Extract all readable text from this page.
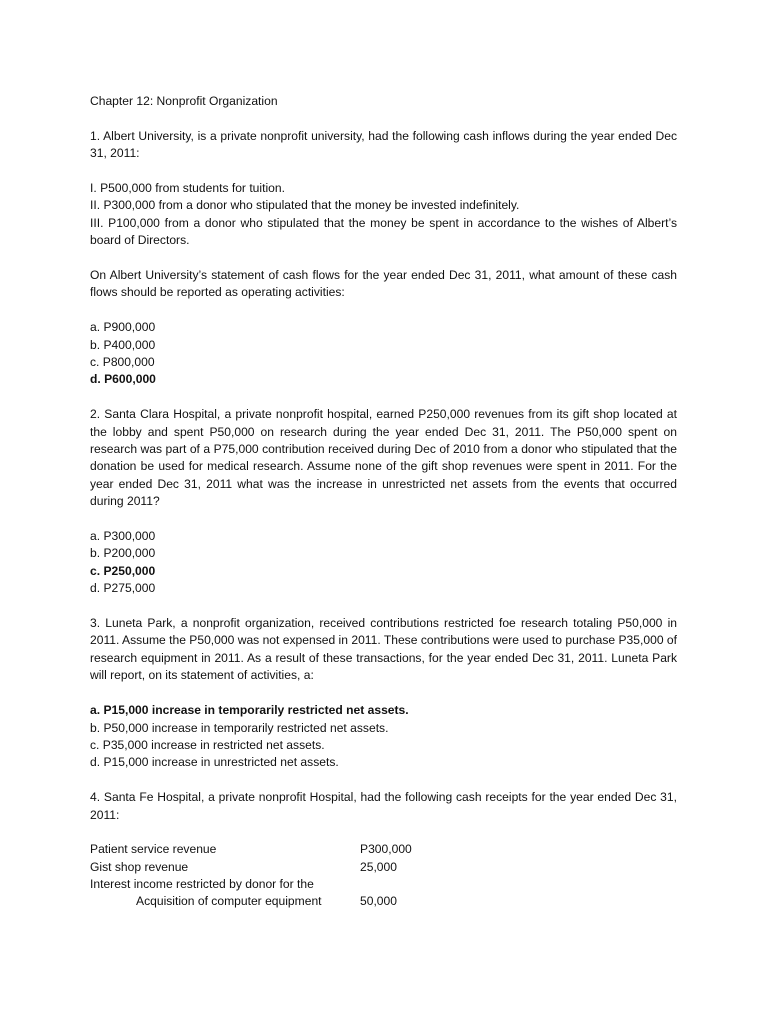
Chapter 12: Nonprofit Organization

1. Albert University, is a private nonprofit university, had the following cash inflows during the year ended Dec 31, 2011:

I. P500,000 from students for tuition.

II. P300,000 from a donor who stipulated that the money be invested indefinitely.

III. P100,000 from a donor who stipulated that the money be spent in accordance to the wishes of Albert’s board of Directors.

On Albert University’s statement of cash flows for the year ended Dec 31, 2011, what amount of these cash flows should be reported as operating activities:

a. P900,000

b. P400,000

c. P800,000

d. P600,000

2. Santa Clara Hospital, a private nonprofit hospital, earned P250,000 revenues from its gift shop located at the lobby and spent P50,000 on research during the year ended Dec 31, 2011. The P50,000 spent on research was part of a P75,000 contribution received during Dec of 2010 from a donor who stipulated that the donation be used for medical research. Assume none of the gift shop revenues were spent in 2011. For the year ended Dec 31, 2011 what was the increase in unrestricted net assets from the events that occurred during 2011?

a. P300,000

b. P200,000

c. P250,000

d. P275,000

3. Luneta Park, a nonprofit organization, received contributions restricted foe research totaling P50,000 in 2011. Assume the P50,000 was not expensed in 2011. These contributions were used to purchase P35,000 of research equipment in 2011. As a result of these transactions, for the year ended Dec 31, 2011. Luneta Park will report, on its statement of activities, a:

a. P15,000 increase in temporarily restricted net assets.

b. P50,000 increase in temporarily restricted net assets.

c. P35,000 increase in restricted net assets.

d. P15,000 increase in unrestricted net assets.

4. Santa Fe Hospital, a private nonprofit Hospital, had the following cash receipts for the year ended Dec 31, 2011:

Patient service revenue	P300,000
Gist shop revenue	25,000
Interest income restricted by donor for the
Acquisition of computer equipment	50,000
